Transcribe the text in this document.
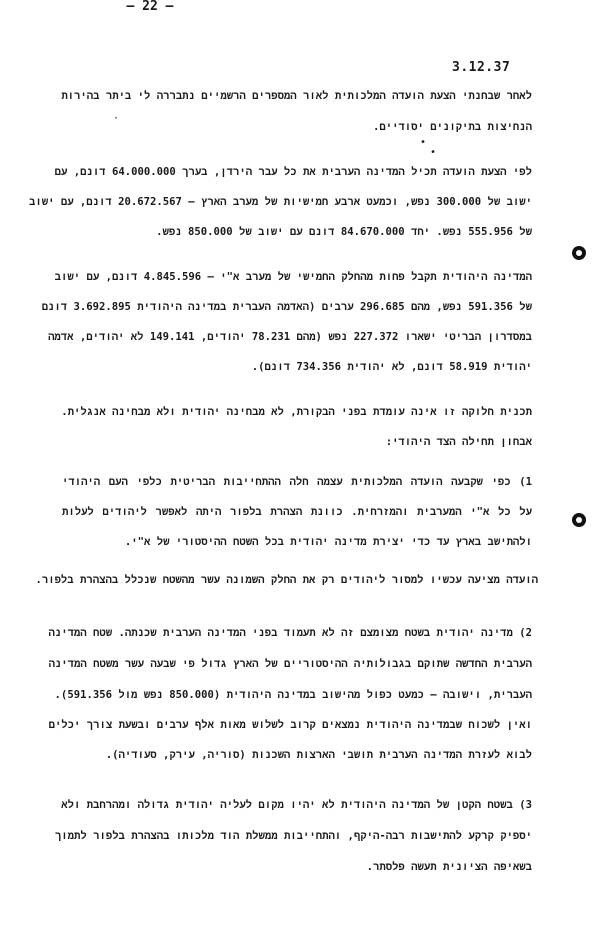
– 22 –
3.12.37
לאחר שבחנתי הצעת הועדה המלכותית לאור המספרים הרשמיים נתבררה לי ביתר בהירות
הנחיצות בתיקונים יסודיים.
לפי הצעת הועדה תכיל המדינה הערבית את כל עבר הירדן, בערך 64.000.000 דונם, עם
ישוב של 300.000 נפש, וכמעט ארבע חמישיות של מערב הארץ – 20.672.567 דונם, עם ישוב
של 555.956 נפש. יחד 84.670.000 דונם עם ישוב של 850.000 נפש.
המדינה היהודית תקבל פחות מהחלק החמישי של מערב א"י – 4.845.596 דונם, עם ישוב
של 591.356 נפש, מהם 296.685 ערבים (האדמה העברית במדינה היהודית 3.692.895 דונם
במסדרון הבריטי ישארו 227.372 נפש (מהם 78.231 יהודים, 149.141 לא יהודים, אדמה
יהודית 58.919 דונם, לא יהודית 734.356 דונם).
תכנית חלוקה זו אינה עומדת בפני הבקורת, לא מבחינה יהודית ולא מבחינה אנגלית.
אבחון תחילה הצד היהודי:
1) כפי שקבעה הועדה המלכותית עצמה חלה ההתחייבות הבריטית כלפי העם היהודי
על כל א"י המערבית והמזרחית. כוונת הצהרת בלפור היתה לאפשר ליהודים לעלות
ולהתישב בארץ עד כדי יצירת מדינה יהודית בכל השטח ההיסטורי של א"י.
הועדה מציעה עכשיו למסור ליהודים רק את החלק השמונה עשר מהשטח שנכלל בהצהרת בלפור.
2) מדינה יהודית בשטח מצומצם זה לא תעמוד בפני המדינה הערבית שכנתה. שטח המדינה
הערבית החדשה שתוקם בגבולותיה ההיסטוריים של הארץ גדול פי שבעה עשר משטח המדינה
העברית, וישובה – כמעט כפול מהישוב במדינה היהודית (850.000 נפש מול 591.356).
ואין לשכוח שבמדינה היהודית נמצאים קרוב לשלוש מאות אלף ערבים ובשעת צורך יכלים
לבוא לעזרת המדינה הערבית תושבי הארצות השכנות (סוריה, עירק, סעודיה).
3) בשטח הקטן של המדינה היהודית לא יהיו מקום לעליה יהודית גדולה ומהרחבת ולא
יספיק קרקע להתישבות רבה-היקף, והתחייבות ממשלת הוד מלכותו בהצהרת בלפור לתמוך
בשאיפה הציונית תעשה פלסתר.
·
•
•
